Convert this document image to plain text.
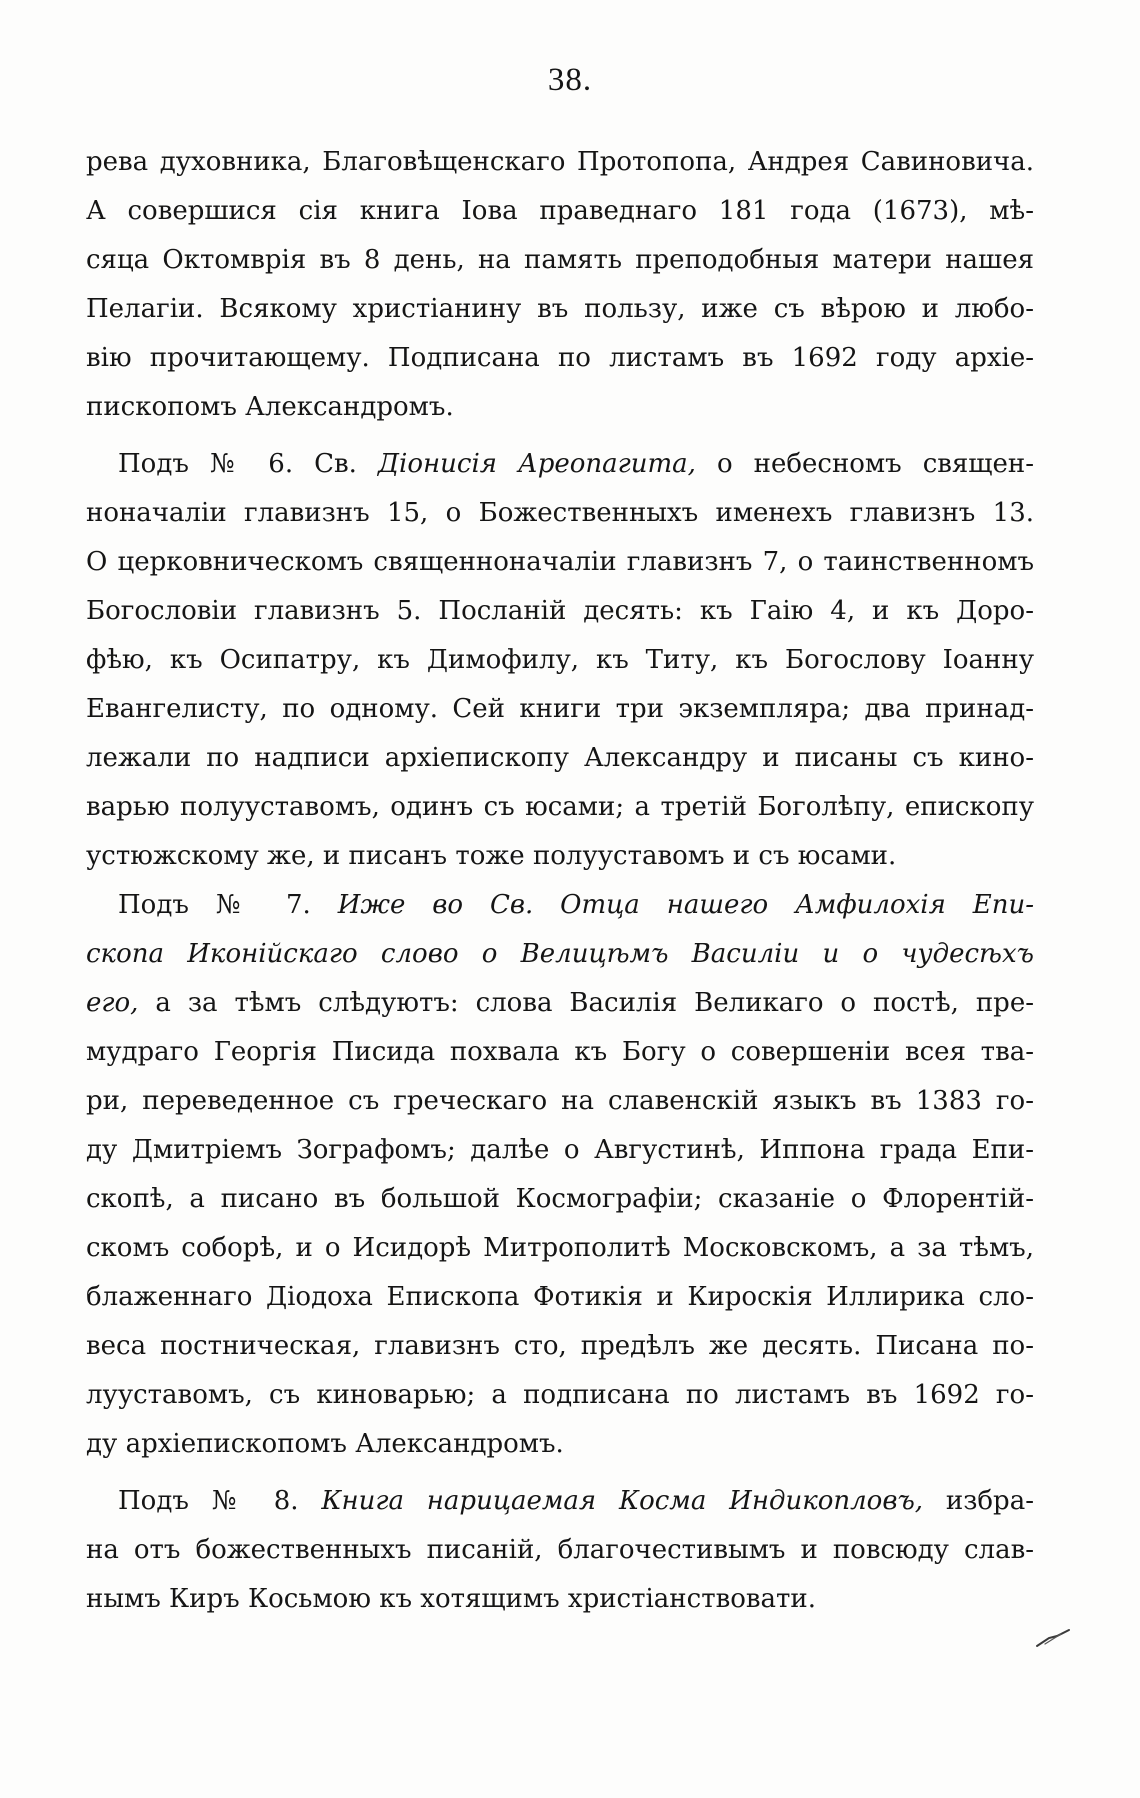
38.
рева духовника, Благовѣщенскаго Протопопа, Андрея Савиновича.
А совершися сія книга Іова праведнаго 181 года (1673), мѣ-
сяца Октомврія въ 8 день, на память преподобныя матери нашея
Пелагіи. Всякому христіанину въ пользу, иже съ вѣрою и любо-
вію прочитающему. Подписана по листамъ въ 1692 году архіе-
пископомъ Александромъ.
Подъ № 6. Св. Діонисія Ареопагита, о небесномъ священ-
ноначаліи главизнъ 15, о Божественныхъ именехъ главизнъ 13.
О церковническомъ священноначаліи главизнъ 7, о таинственномъ
Богословіи главизнъ 5. Посланій десять: къ Гаію 4, и къ Доро-
фѣю, къ Осипатру, къ Димофилу, къ Титу, къ Богослову Іоанну
Евангелисту, по одному. Сей книги три экземпляра; два принад-
лежали по надписи архіепископу Александру и писаны съ кино-
варью полууставомъ, одинъ съ юсами; а третій Боголѣпу, епископу
устюжскому же, и писанъ тоже полууставомъ и съ юсами.
Подъ № 7. Иже во Св. Отца нашего Амфилохія Епи-
скопа Иконійскаго слово о Велицѣмъ Василіи и о чудесѣхъ
его, а за тѣмъ слѣдуютъ: слова Василія Великаго о постѣ, пре-
мудраго Георгія Писида похвала къ Богу о совершеніи всея тва-
ри, переведенное съ греческаго на славенскій языкъ въ 1383 го-
ду Дмитріемъ Зографомъ; далѣе о Августинѣ, Иппона града Епи-
скопѣ, а писано въ большой Космографіи; сказаніе о Флорентій-
скомъ соборѣ, и о Исидорѣ Митрополитѣ Московскомъ, а за тѣмъ,
блаженнаго Діодоха Епископа Фотикія и Кироскія Иллирика сло-
веса постническая, главизнъ сто, предѣлъ же десять. Писана по-
лууставомъ, съ киноварью; а подписана по листамъ въ 1692 го-
ду архіепископомъ Александромъ.
Подъ № 8. Книга нарицаемая Косма Индикопловъ, избра-
на отъ божественныхъ писаній, благочестивымъ и повсюду слав-
нымъ Киръ Косьмою къ хотящимъ христіанствовати.
